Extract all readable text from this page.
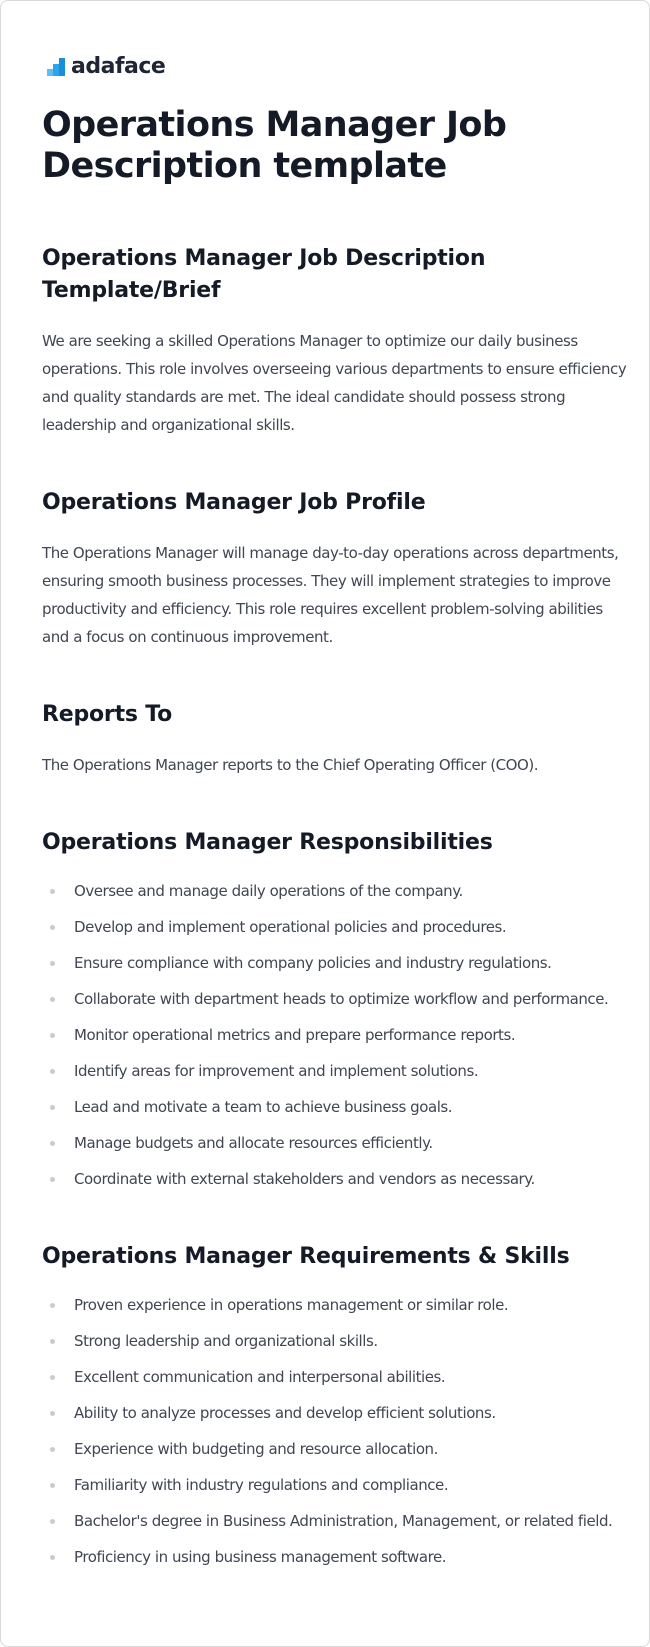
adaface
Operations Manager Job Description template
Operations Manager Job Description Template/Brief

We are seeking a skilled Operations Manager to optimize our daily business operations. This role involves overseeing various departments to ensure efficiency and quality standards are met. The ideal candidate should possess strong leadership and organizational skills.

Operations Manager Job Profile

The Operations Manager will manage day-to-day operations across departments, ensuring smooth business processes. They will implement strategies to improve productivity and efficiency. This role requires excellent problem-solving abilities and a focus on continuous improvement.

Reports To

The Operations Manager reports to the Chief Operating Officer (COO).

Operations Manager Responsibilities
Oversee and manage daily operations of the company.
Develop and implement operational policies and procedures.
Ensure compliance with company policies and industry regulations.
Collaborate with department heads to optimize workflow and performance.
Monitor operational metrics and prepare performance reports.
Identify areas for improvement and implement solutions.
Lead and motivate a team to achieve business goals.
Manage budgets and allocate resources efficiently.
Coordinate with external stakeholders and vendors as necessary.
Operations Manager Requirements & Skills
Proven experience in operations management or similar role.
Strong leadership and organizational skills.
Excellent communication and interpersonal abilities.
Ability to analyze processes and develop efficient solutions.
Experience with budgeting and resource allocation.
Familiarity with industry regulations and compliance.
Bachelor's degree in Business Administration, Management, or related field.
Proficiency in using business management software.
